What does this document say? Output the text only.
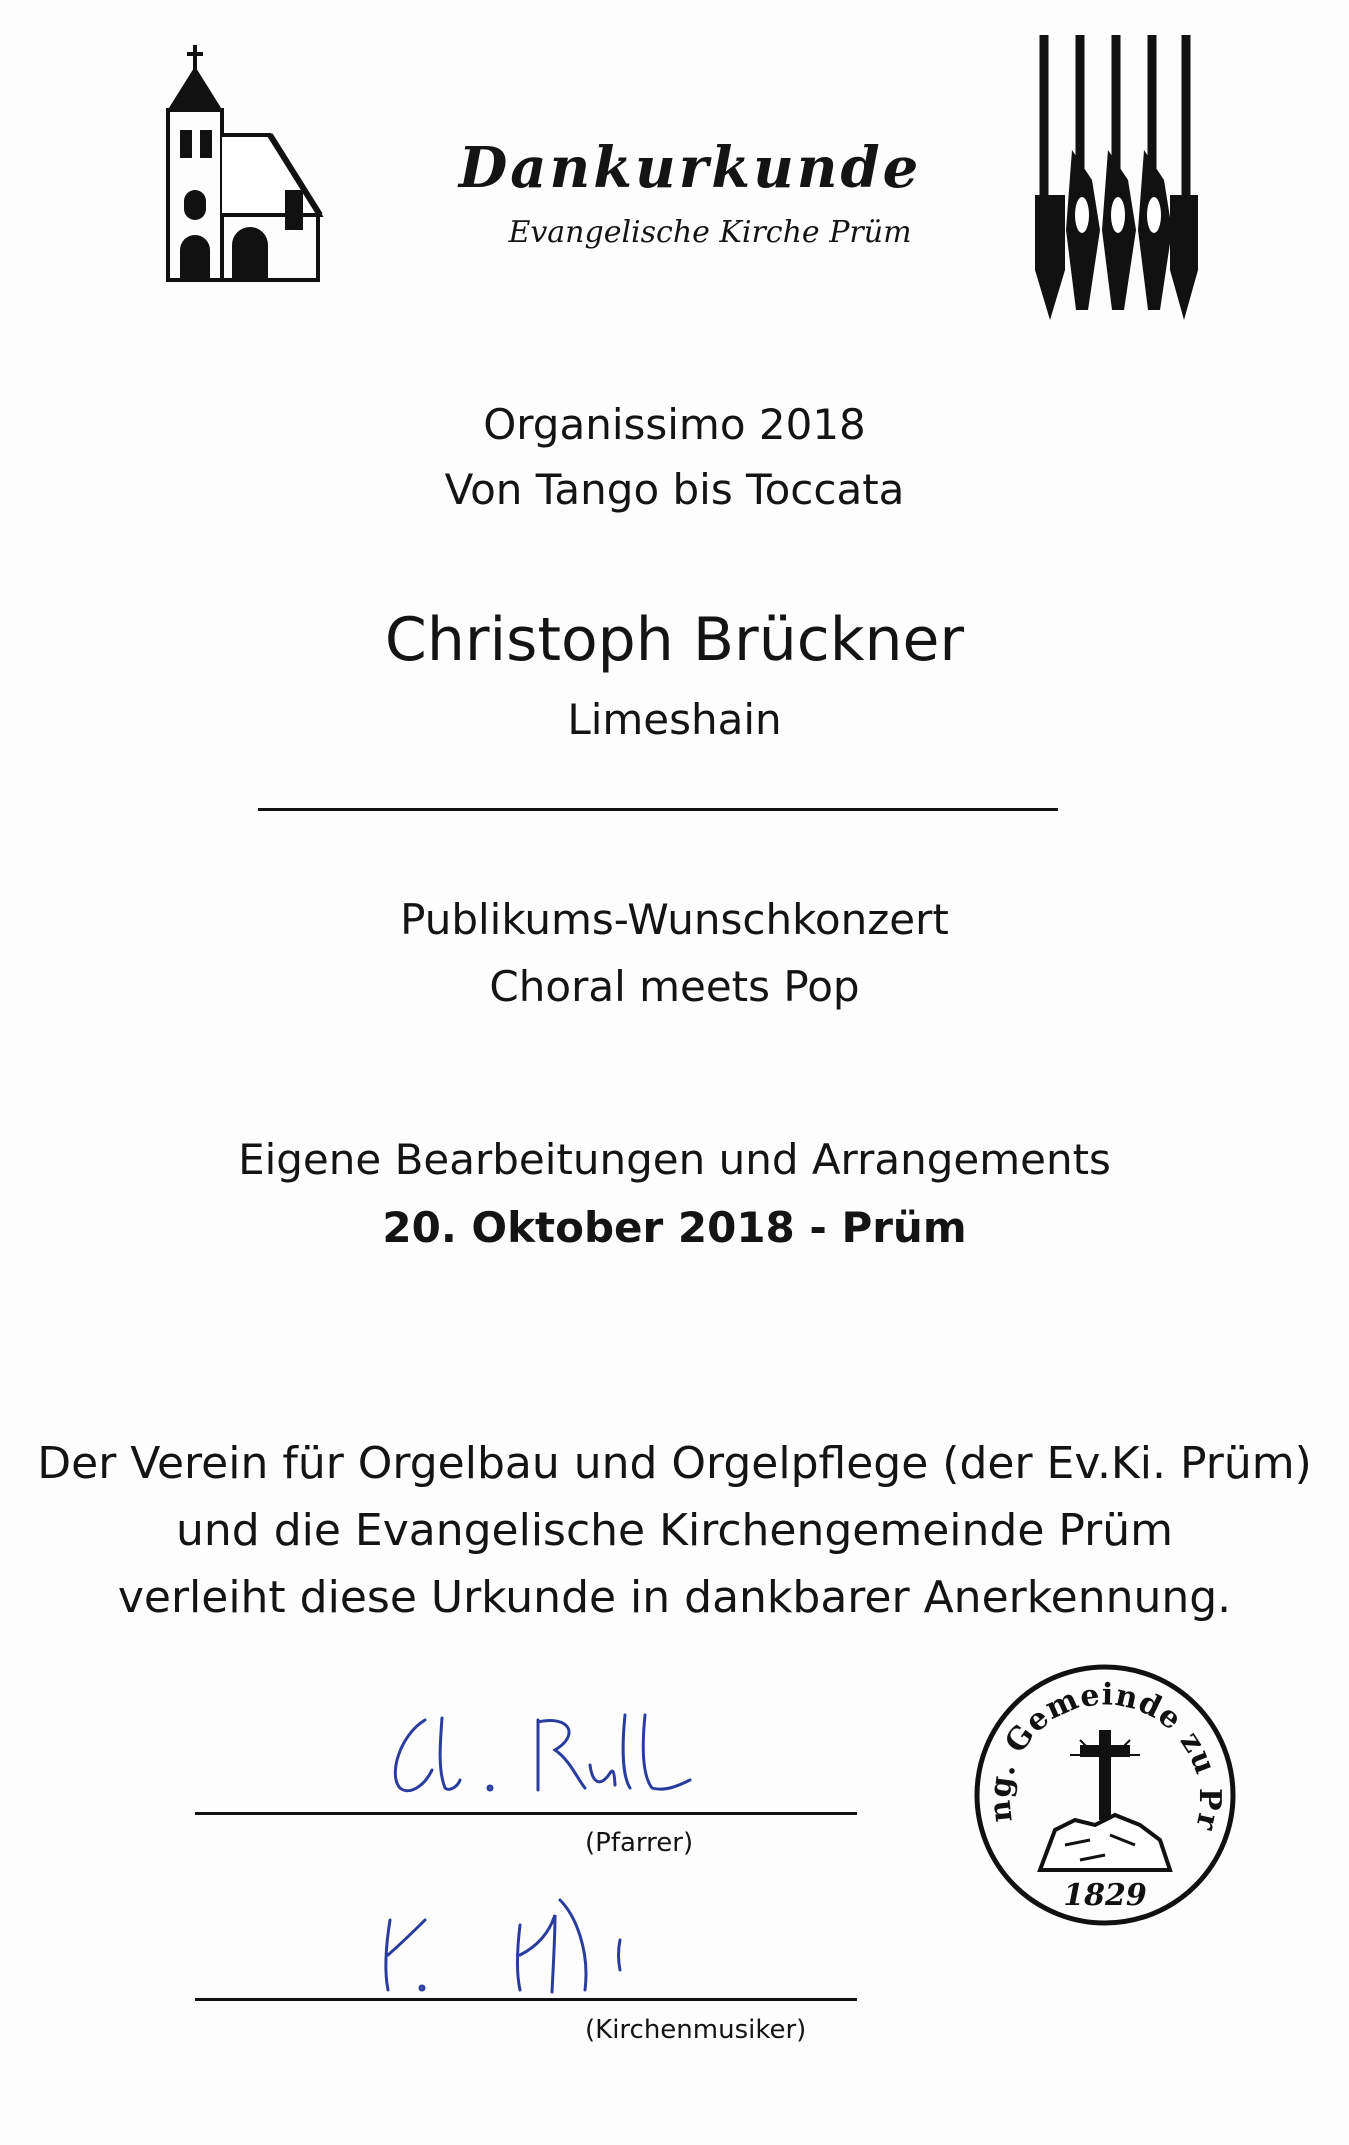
Dankurkunde
Evangelische Kirche Prüm
Organissimo 2018
Von Tango bis Toccata
Christoph Brückner
Limeshain
Publikums-Wunschkonzert
Choral meets Pop
Eigene Bearbeitungen und Arrangements
20. Oktober 2018 - Prüm
Der Verein für Orgelbau und Orgelpflege (der Ev.Ki. Prüm)
und die Evangelische Kirchengemeinde Prüm
verleiht diese Urkunde in dankbarer Anerkennung.
(Pfarrer)
(Kirchenmusiker)
ng. Gemeinde zu Pr
1829
